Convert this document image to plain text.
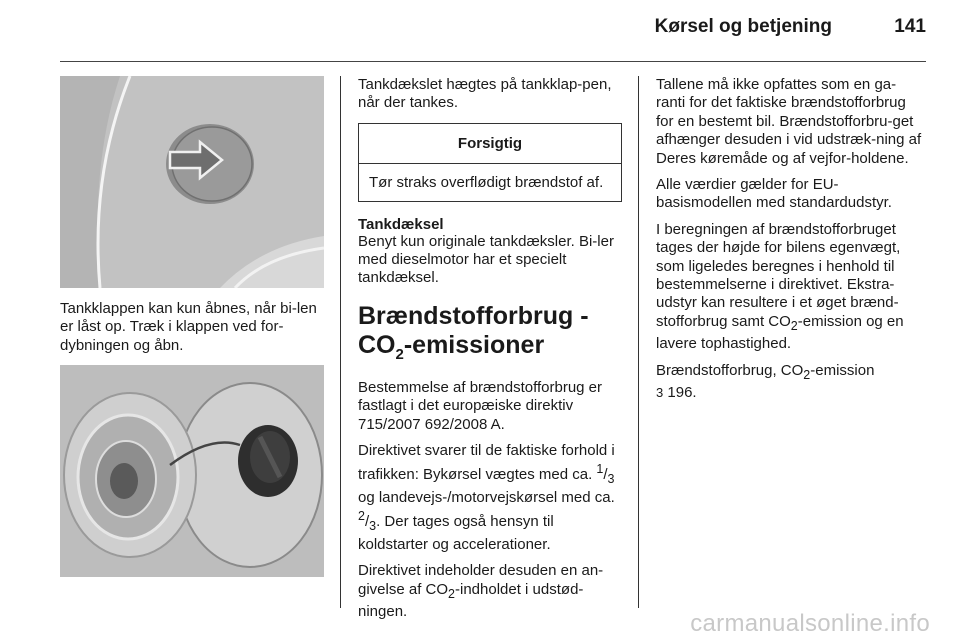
Kørsel og betjening	141

Tankklappen kan kun åbnes, når bi-len er låst op. Træk i klappen ved for-dybningen og åbn.

Tankdækslet hægtes på tankklap-pen, når der tankes.

Forsigtig
Tør straks overflødigt brændstof af.
Tankdæksel

Benyt kun originale tankdæksler. Bi-ler med dieselmotor har et specielt tankdæksel.

Brændstofforbrug -
$CO_2$-emissioner

Bestemmelse af brændstofforbrug er fastlagt i det europæiske direktiv 715/2007 692/2008 A.

Direktivet svarer til de faktiske forhold i trafikken: Bykørsel vægtes med ca. $^1/_3$ og landevejs-/motorvejskørsel med ca. $^2/_3$. Der tages også hensyn til koldstarter og accelerationer.

Direktivet indeholder desuden en an-givelse af $CO_2$-indholdet i udstød-ningen.

Tallene må ikke opfattes som en ga-ranti for det faktiske brændstofforbrug for en bestemt bil. Brændstofforbru-get afhænger desuden i vid udstræk-ning af Deres køremåde og af vejfor-holdene.

Alle værdier gælder for EU-basismodellen med standardudstyr.

I beregningen af brændstofforbruget tages der højde for bilens egenvægt, som ligeledes beregnes i henhold til bestemmelserne i direktivet. Ekstra-udstyr kan resultere i et øget brænd-stofforbrug samt $CO_2$-emission og en lavere tophastighed.

Brændstofforbrug, $CO_2$-emission
3 196.

carmanualsonline.info
